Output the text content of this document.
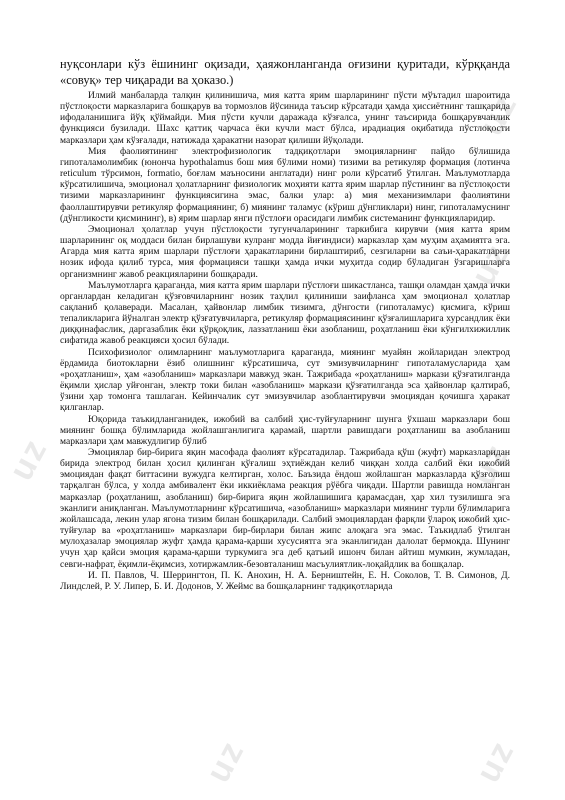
uz
uz
uz
uz
uz	uz

нуқсонлари кўз ёшининг оқизади, ҳаяжонланганда оғизини қуритади, кўрққанда «совуқ» тер чиқаради ва ҳоказо.)

Илмий манбаларда талқин қилинишича, мия катта ярим шарларининг пўсти мўътадил шароитида пўстлоқости марказларига бошқарув ва тормозлов йўсинида таъсир кўрсатади ҳамда ҳиссиётнинг ташқарида ифодаланишига йўқ қўймайди. Мия пўсти кучли даражада кўзғалса, унинг таъсирида бошқарувчанлик функцияси бузилади. Шахс қаттиқ чарчаса ёки кучли маст бўлса, ирадиация оқибатида пўстлоқости марказлари ҳам кўзғалади, натижада ҳаракатни назорат қилиши йўқолади.

Мия фаолиятининг электрофизиологик тадқиқотлари эмоцияларнинг пайдо бўлишида гипоталамолимбик (юнонча hypothalamus бош мия бўлими номи) тизими ва ретикуляр формация (лотинча reticulum тўрсимон, formatio, боғлам маъносини англатади) нинг роли кўрсатиб ўтилган. Маълумотларда кўрсатилишича, эмоционал ҳолатларнинг физиологик моҳияти катта ярим шарлар пўстининг ва пўстлоқости тизими марказларининг функциясигина эмас, балки улар: а) мия механизимлари фаолиятини фаоллаштирувчи ретикуляр формациянинг, б) миянинг таламус (кўриш дўнгликлари) нинг, гипоталамуснинг (дўнгликости қисмининг), в) ярим шарлар янги пўстлоғи орасидаги лимбик системанинг функцияларидир.

Эмоционал ҳолатлар учун пўстлоқости тугунчаларининг таркибига кирувчи (мия катта ярим шарларининг оқ моддаси билан бирлашуви кулранг модда йиғиндиси) марказлар ҳам муҳим аҳамиятга эга. Агарда мия катта ярим шарлари пўстлоғи ҳаракатларини бирлаштириб, сезгиларни ва саъи-ҳаракатларни нозик ифода қилиб турса, мия формацияси ташқи ҳамда ички муҳитда содир бўладиган ўзгаришларга организмнинг жавоб реакцияларини бошқаради.

Маълумотларга қараганда, мия катта ярим шарлари пўстлоғи шикастланса, ташқи оламдан ҳамда ички органлардан келадиган қўзғовчиларнинг нозик таҳлил қилиниши заифланса ҳам эмоционал ҳолатлар сақланиб қолаверади. Масалан, ҳайвонлар лимбик тизимга, дўнгости (гипоталамус) қисмига, кўриш тепаликларига йўналган электр қўзғатувчиларга, ретикуляр формациясининг қўзғалишларига хурсандлик ёки диққинафаслик, даргазаблик ёки қўрқоқлик, лаззатланиш ёки азобланиш, роҳатланиш ёки кўнгилхижиллик сифатида жавоб реакцияси ҳосил бўлади.

Психофизиолог олимларнинг маълумотларига қараганда, миянинг муайян жойларидан электрод ёрдамида биотокларни ёзиб олишнинг кўрсатишича, сут эмизувчиларнинг гипоталамусларида ҳам «роҳатланиш», ҳам «азобланиш» марказлари мавжуд экан. Тажрибада «роҳатланиш» маркази қўзғатилганда ёқимли ҳислар уйғонган, электр токи билан «азобланиш» маркази қўзғатилганда эса ҳайвонлар қалтираб, ўзини ҳар томонга ташлаган. Кейинчалик сут эмизувчилар азоблантирувчи эмоциядан қочишга ҳаракат қилганлар.

Юқорида таъкидланганидек, ижобий ва салбий ҳис-туйғуларнинг шунга ўхшаш марказлари бош миянинг бошқа бўлимларида жойлашганлигига қарамай, шартли равишдаги роҳатланиш ва азобланиш марказлари ҳам мавжудлигир бўлиб

Эмоциялар бир-бирига яқин масофада фаолият кўрсатадилар. Тажрибада қўш (жуфт) марказларидан бирида электрод билан ҳосил қилинган қўғалиш эҳтиёждан келиб чиққан холда салбий ёки ижобий эмоциядан фақат биттасини вужудга келтирган, холос. Баъзида ёндош жойлашган марказларда қўзғолиш тарқалган бўлса, у холда амбивалент ёки иккиёклама реакция рўёбга чиқади. Шартли равишда номланган марказлар (роҳатланиш, азобланиш) бир-бирига яқин жойлашишига қарамасдан, ҳар хил тузилишга эга эканлиги аниқланган. Маълумотларнинг кўрсатишича, «азобланиш» марказлари миянинг турли бўлимларига жойлашсада, лекин улар ягона тизим билан бошқарилади. Салбий эмоциялардан фарқли ўлароқ ижобий ҳис-туйғулар ва «роҳатланиш» марказлари бир-бирлари билан жипс алоқага эга эмас. Таъкидлаб ўтилган мулоҳазалар эмоциялар жуфт ҳамда қарама-қарши хусусиятга эга эканлигидан далолат бермоқда. Шунинг учун ҳар қайси эмоция қарама-қарши туркумига эга деб қатъий ишонч билан айтиш мумкин, жумладан, севги-нафрат, ёқимли-ёқимсиз, хотиржамлик-безовталаниш масъулиятлик-лоқайдлик ва бошқалар.

И. П. Павлов, Ч. Шеррингтон, П. К. Анохин, Н. А. Берништейн, Е. Н. Соколов, Т. В. Симонов, Д. Линдслей, Р. У. Липер, Б. И. Додонов, У. Жеймс ва бошқаларнинг тадқиқотларида
